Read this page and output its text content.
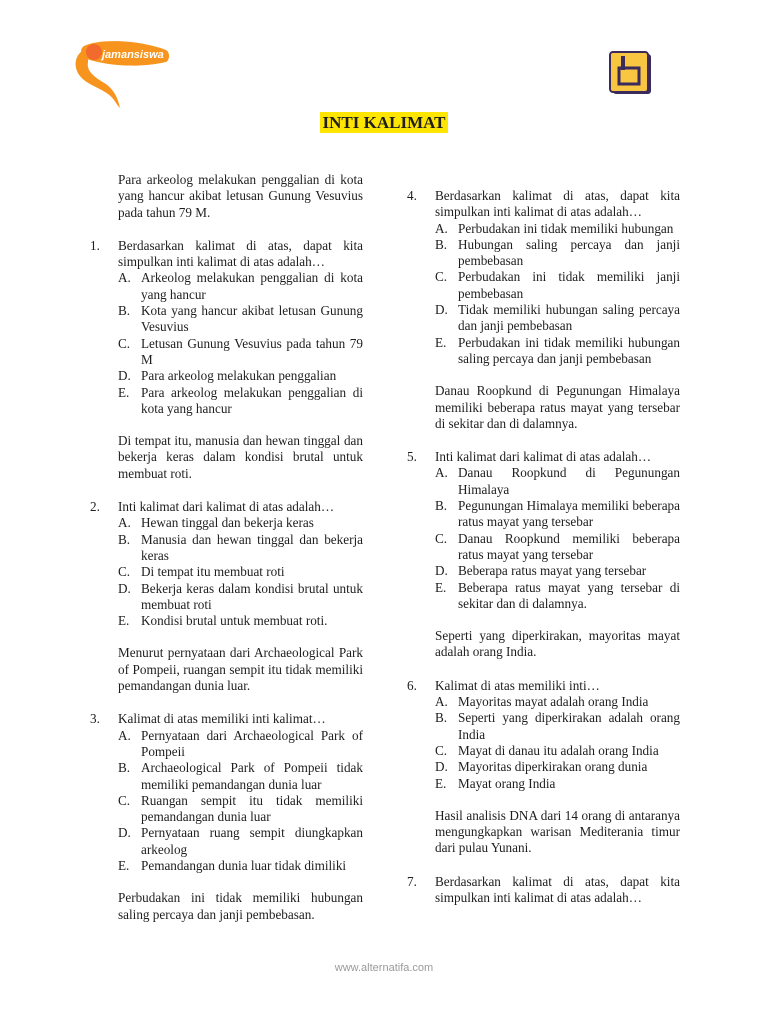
jamansiswa
INTI KALIMAT
Para arkeolog melakukan penggalian di kota yang hancur akibat letusan Gunung Vesuvius pada tahun 79 M.
1. Berdasarkan kalimat di atas, dapat kita simpulkan inti kalimat di atas adalah…
A. Arkeolog melakukan penggalian di kota yang hancur
B. Kota yang hancur akibat letusan Gunung Vesuvius
C. Letusan Gunung Vesuvius pada tahun 79 M
D. Para arkeolog melakukan penggalian
E. Para arkeolog melakukan penggalian di kota yang hancur
Di tempat itu, manusia dan hewan tinggal dan bekerja keras dalam kondisi brutal untuk membuat roti.
2. Inti kalimat dari kalimat di atas adalah…
A. Hewan tinggal dan bekerja keras
B. Manusia dan hewan tinggal dan bekerja keras
C. Di tempat itu membuat roti
D. Bekerja keras dalam kondisi brutal untuk membuat roti
E. Kondisi brutal untuk membuat roti.
Menurut pernyataan dari Archaeological Park of Pompeii, ruangan sempit itu tidak memiliki pemandangan dunia luar.
3. Kalimat di atas memiliki inti kalimat…
A. Pernyataan dari Archaeological Park of Pompeii
B. Archaeological Park of Pompeii tidak memiliki pemandangan dunia luar
C. Ruangan sempit itu tidak memiliki pemandangan dunia luar
D. Pernyataan ruang sempit diungkapkan arkeolog
E. Pemandangan dunia luar tidak dimiliki
Perbudakan ini tidak memiliki hubungan saling percaya dan janji pembebasan.
4. Berdasarkan kalimat di atas, dapat kita simpulkan inti kalimat di atas adalah…
A. Perbudakan ini tidak memiliki hubungan
B. Hubungan saling percaya dan janji pembebasan
C. Perbudakan ini tidak memiliki janji pembebasan
D. Tidak memiliki hubungan saling percaya dan janji pembebasan
E. Perbudakan ini tidak memiliki hubungan saling percaya dan janji pembebasan
Danau Roopkund di Pegunungan Himalaya memiliki beberapa ratus mayat yang tersebar di sekitar dan di dalamnya.
5. Inti kalimat dari kalimat di atas adalah…
A. Danau Roopkund di Pegunungan Himalaya
B. Pegunungan Himalaya memiliki beberapa ratus mayat yang tersebar
C. Danau Roopkund memiliki beberapa ratus mayat yang tersebar
D. Beberapa ratus mayat yang tersebar
E. Beberapa ratus mayat yang tersebar di sekitar dan di dalamnya.
Seperti yang diperkirakan, mayoritas mayat adalah orang India.
6. Kalimat di atas memiliki inti…
A. Mayoritas mayat adalah orang India
B. Seperti yang diperkirakan adalah orang India
C. Mayat di danau itu adalah orang India
D. Mayoritas diperkirakan orang dunia
E. Mayat orang India
Hasil analisis DNA dari 14 orang di antaranya mengungkapkan warisan Mediterania timur dari pulau Yunani.
7. Berdasarkan kalimat di atas, dapat kita simpulkan inti kalimat di atas adalah…
www.alternatifa.com
